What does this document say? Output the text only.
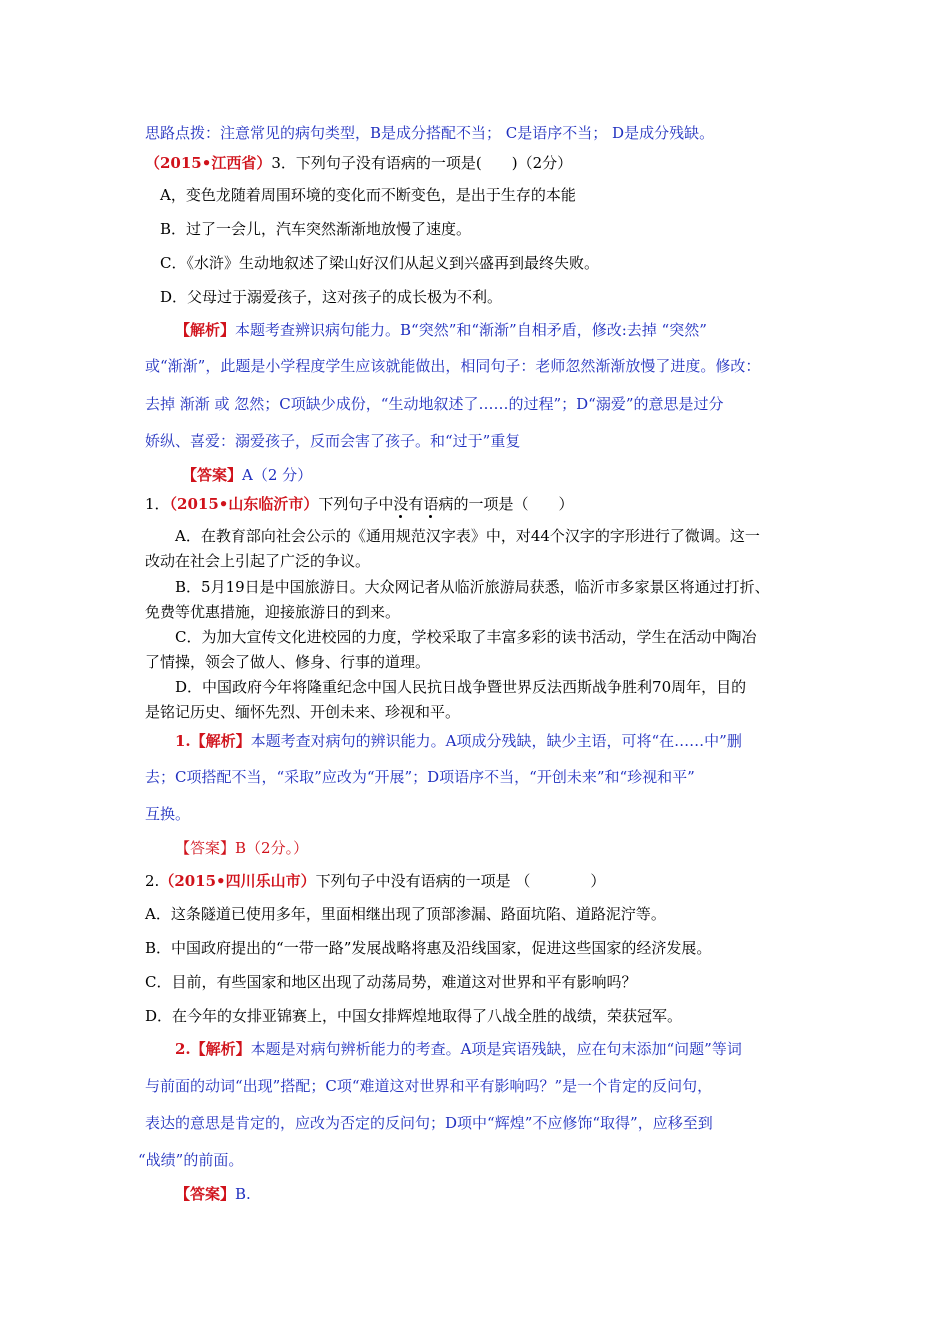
思路点拨：注意常见的病句类型，B是成分搭配不当； C是语序不当； D是成分残缺。
（2015•江西省）3．下列句子没有语病的一项是(　　)（2分）
A，变色龙随着周围环境的变化而不断变色，是出于生存的本能
B．过了一会儿，汽车突然渐渐地放慢了速度。
C．《水浒》生动地叙述了梁山好汉们从起义到兴盛再到最终失败。
D．父母过于溺爱孩子，这对孩子的成长极为不利。
【解析】本题考查辨识病句能力。B“突然”和“渐渐”自相矛盾，修改:去掉 “突然”
或“渐渐”，此题是小学程度学生应该就能做出，相同句子：老师忽然渐渐放慢了进度。修改：
去掉 渐渐 或 忽然；C项缺少成份，“生动地叙述了……的过程”；D“溺爱”的意思是过分
娇纵、喜爱：溺爱孩子，反而会害了孩子。和“过于”重复
【答案】A（2 分）
1．（2015•山东临沂市）下列句子中没有语病的一项是（　　）
A．在教育部向社会公示的《通用规范汉字表》中，对44个汉字的字形进行了微调。这一
改动在社会上引起了广泛的争议。
B．5月19日是中国旅游日。大众网记者从临沂旅游局获悉，临沂市多家景区将通过打折、
免费等优惠措施，迎接旅游日的到来。
C．为加大宣传文化进校园的力度，学校采取了丰富多彩的读书活动，学生在活动中陶冶
了情操，领会了做人、修身、行事的道理。
D．中国政府今年将隆重纪念中国人民抗日战争暨世界反法西斯战争胜利70周年，目的
是铭记历史、缅怀先烈、开创未来、珍视和平。
1.【解析】本题考查对病句的辨识能力。A项成分残缺，缺少主语，可将“在……中”删
去；C项搭配不当，“采取”应改为“开展”；D项语序不当，“开创未来”和“珍视和平”
互换。
【答案】B（2分。）
2.（2015•四川乐山市）下列句子中没有语病的一项是 （　　　　）
A．这条隧道已使用多年，里面相继出现了顶部渗漏、路面坑陷、道路泥泞等。
B．中国政府提出的“一带一路”发展战略将惠及沿线国家，促进这些国家的经济发展。
C．目前，有些国家和地区出现了动荡局势，难道这对世界和平有影响吗？
D．在今年的女排亚锦赛上，中国女排辉煌地取得了八战全胜的战绩，荣获冠军。
2.【解析】本题是对病句辨析能力的考查。A项是宾语残缺，应在句末添加“问题”等词
与前面的动词“出现”搭配；C项“难道这对世界和平有影响吗？”是一个肯定的反问句，
表达的意思是肯定的，应改为否定的反问句；D项中“辉煌”不应修饰“取得”，应移至到
“战绩”的前面。
【答案】B.
